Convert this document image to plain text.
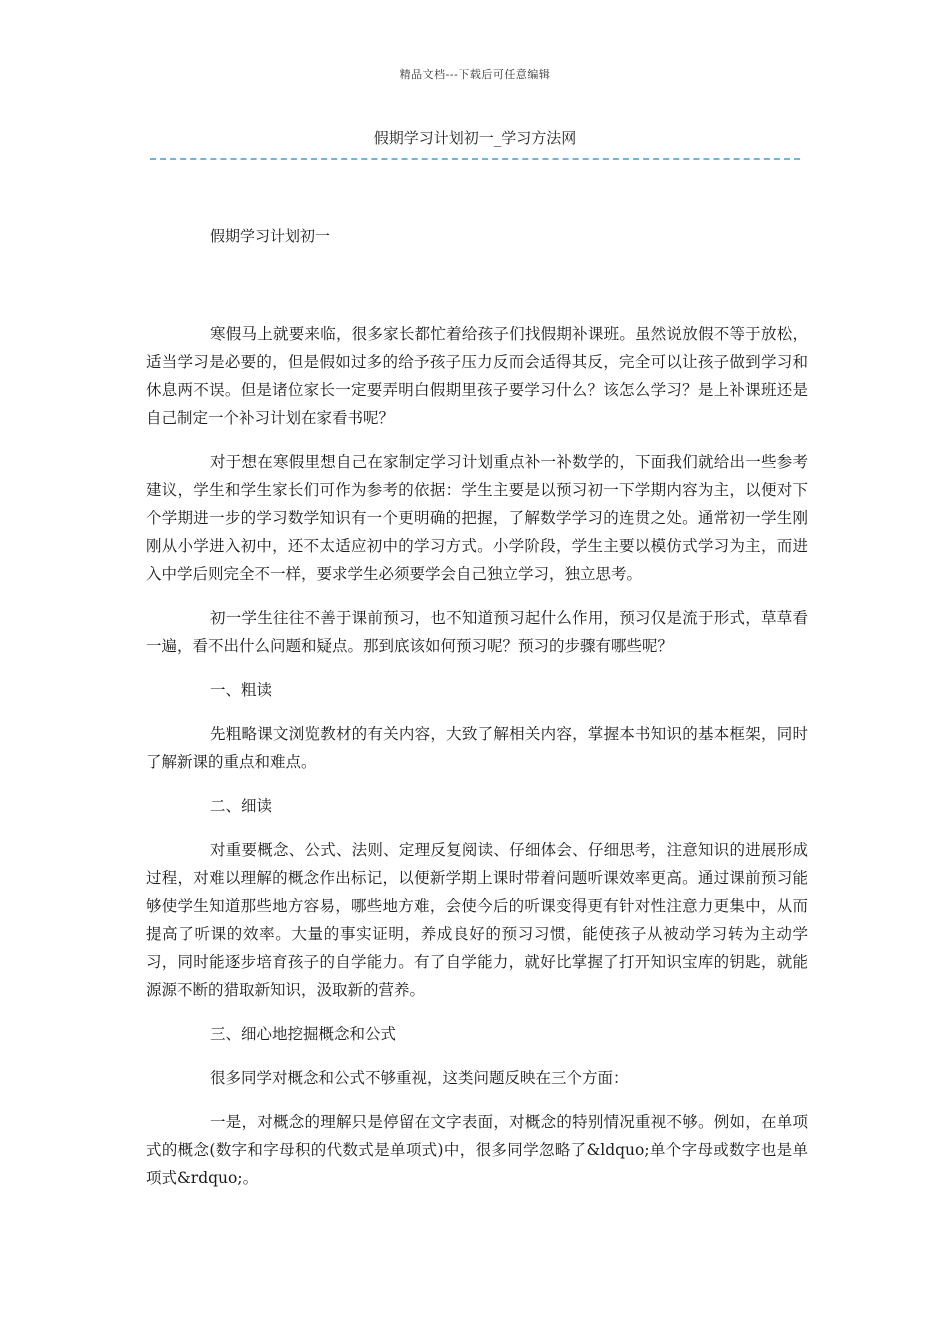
精品文档---下载后可任意编辑
假期学习计划初一_学习方法网

假期学习计划初一

寒假马上就要来临，很多家长都忙着给孩子们找假期补课班。虽然说放假不等于放松，适当学习是必要的，但是假如过多的给予孩子压力反而会适得其反，完全可以让孩子做到学习和休息两不误。但是诸位家长一定要弄明白假期里孩子要学习什么？该怎么学习？是上补课班还是自己制定一个补习计划在家看书呢？

对于想在寒假里想自己在家制定学习计划重点补一补数学的，下面我们就给出一些参考建议，学生和学生家长们可作为参考的依据：学生主要是以预习初一下学期内容为主，以便对下个学期进一步的学习数学知识有一个更明确的把握，了解数学学习的连贯之处。通常初一学生刚刚从小学进入初中，还不太适应初中的学习方式。小学阶段，学生主要以模仿式学习为主，而进入中学后则完全不一样，要求学生必须要学会自己独立学习，独立思考。

初一学生往往不善于课前预习，也不知道预习起什么作用，预习仅是流于形式，草草看一遍，看不出什么问题和疑点。那到底该如何预习呢？预习的步骤有哪些呢？

一、粗读

先粗略课文浏览教材的有关内容，大致了解相关内容，掌握本书知识的基本框架，同时了解新课的重点和难点。

二、细读

对重要概念、公式、法则、定理反复阅读、仔细体会、仔细思考，注意知识的进展形成过程，对难以理解的概念作出标记，以便新学期上课时带着问题听课效率更高。通过课前预习能够使学生知道那些地方容易，哪些地方难，会使今后的听课变得更有针对性注意力更集中，从而提高了听课的效率。大量的事实证明，养成良好的预习习惯，能使孩子从被动学习转为主动学习，同时能逐步培育孩子的自学能力。有了自学能力，就好比掌握了打开知识宝库的钥匙，就能源源不断的猎取新知识，汲取新的营养。

三、细心地挖掘概念和公式

很多同学对概念和公式不够重视，这类问题反映在三个方面：

一是，对概念的理解只是停留在文字表面，对概念的特别情况重视不够。例如，在单项式的概念(数字和字母积的代数式是单项式)中，很多同学忽略了&ldquo;单个字母或数字也是单项式&rdquo;。
